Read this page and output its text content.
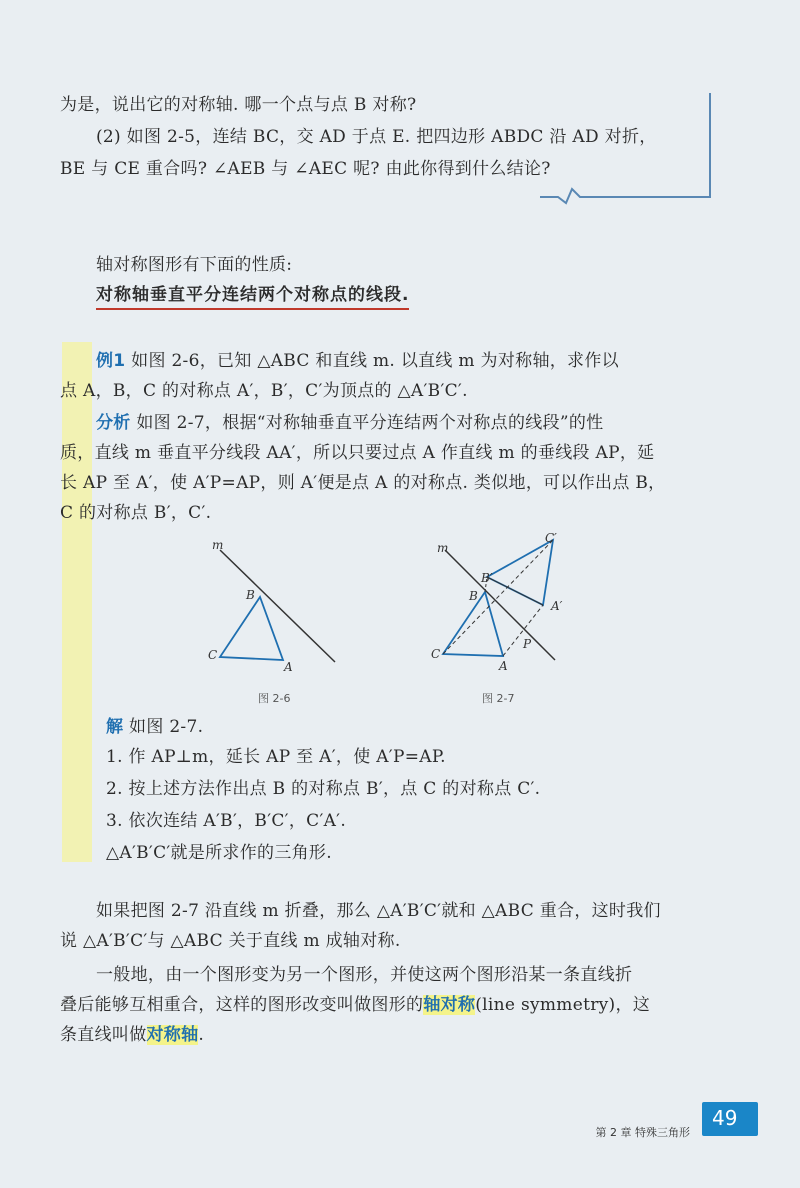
为是，说出它的对称轴. 哪一个点与点 B 对称?
(2) 如图 2-5，连结 BC，交 AD 于点 E. 把四边形 ABDC 沿 AD 对折，
BE 与 CE 重合吗? ∠AEB 与 ∠AEC 呢? 由此你得到什么结论?
轴对称图形有下面的性质:
对称轴垂直平分连结两个对称点的线段.
例1 如图 2-6，已知 △ABC 和直线 m. 以直线 m 为对称轴，求作以
点 A，B，C 的对称点 A′，B′，C′为顶点的 △A′B′C′.
分析 如图 2-7，根据“对称轴垂直平分连结两个对称点的线段”的性
质，直线 m 垂直平分线段 AA′，所以只要过点 A 作直线 m 的垂线段 AP，延
长 AP 至 A′，使 A′P=AP，则 A′便是点 A 的对称点. 类似地，可以作出点 B，
C 的对称点 B′，C′.
m
B
C
A
图 2-6
m
C′
B′
B
A′
P
C
A
图 2-7
解 如图 2-7.
1. 作 AP⊥m，延长 AP 至 A′，使 A′P=AP.
2. 按上述方法作出点 B 的对称点 B′，点 C 的对称点 C′.
3. 依次连结 A′B′，B′C′，C′A′.
△A′B′C′就是所求作的三角形.
如果把图 2-7 沿直线 m 折叠，那么 △A′B′C′就和 △ABC 重合，这时我们
说 △A′B′C′与 △ABC 关于直线 m 成轴对称.
一般地，由一个图形变为另一个图形，并使这两个图形沿某一条直线折
叠后能够互相重合，这样的图形改变叫做图形的轴对称(line symmetry)，这
条直线叫做对称轴.
第 2 章 特殊三角形
49
